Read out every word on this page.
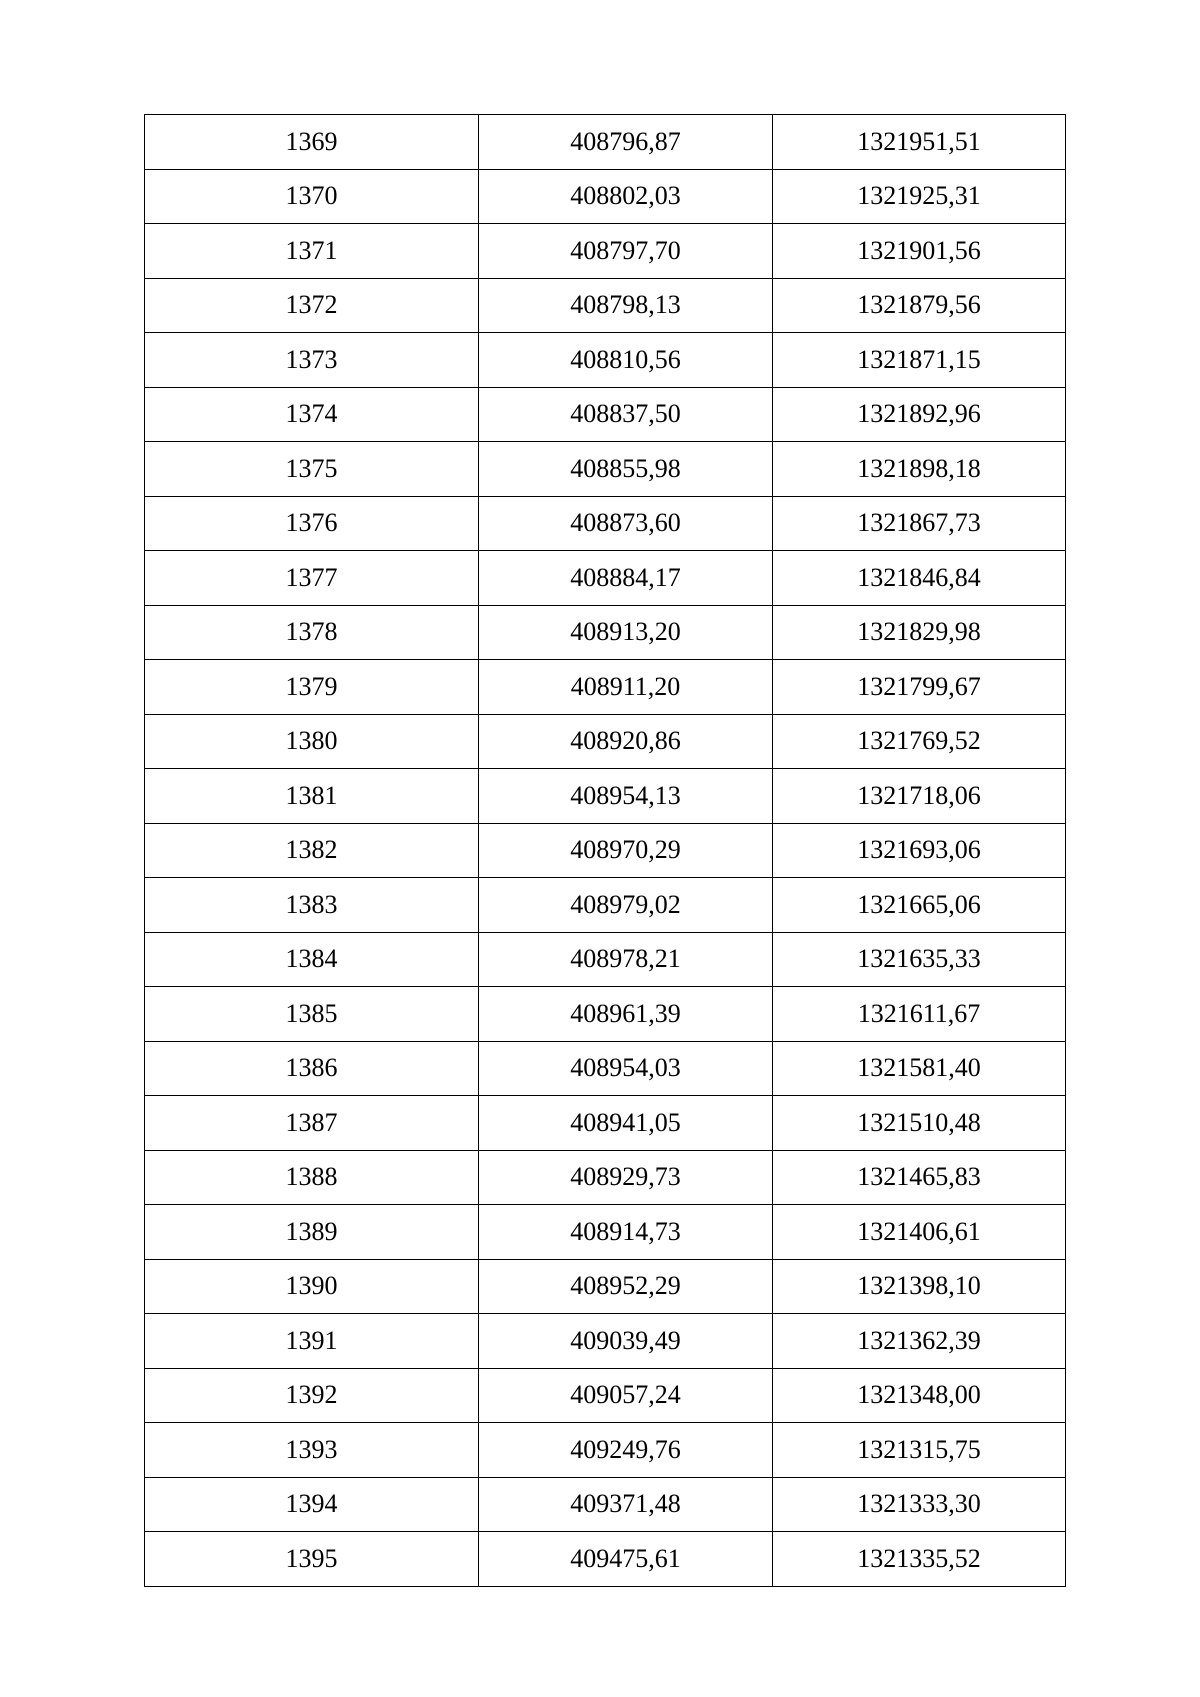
1369	408796,87	1321951,51
1370	408802,03	1321925,31
1371	408797,70	1321901,56
1372	408798,13	1321879,56
1373	408810,56	1321871,15
1374	408837,50	1321892,96
1375	408855,98	1321898,18
1376	408873,60	1321867,73
1377	408884,17	1321846,84
1378	408913,20	1321829,98
1379	408911,20	1321799,67
1380	408920,86	1321769,52
1381	408954,13	1321718,06
1382	408970,29	1321693,06
1383	408979,02	1321665,06
1384	408978,21	1321635,33
1385	408961,39	1321611,67
1386	408954,03	1321581,40
1387	408941,05	1321510,48
1388	408929,73	1321465,83
1389	408914,73	1321406,61
1390	408952,29	1321398,10
1391	409039,49	1321362,39
1392	409057,24	1321348,00
1393	409249,76	1321315,75
1394	409371,48	1321333,30
1395	409475,61	1321335,52
